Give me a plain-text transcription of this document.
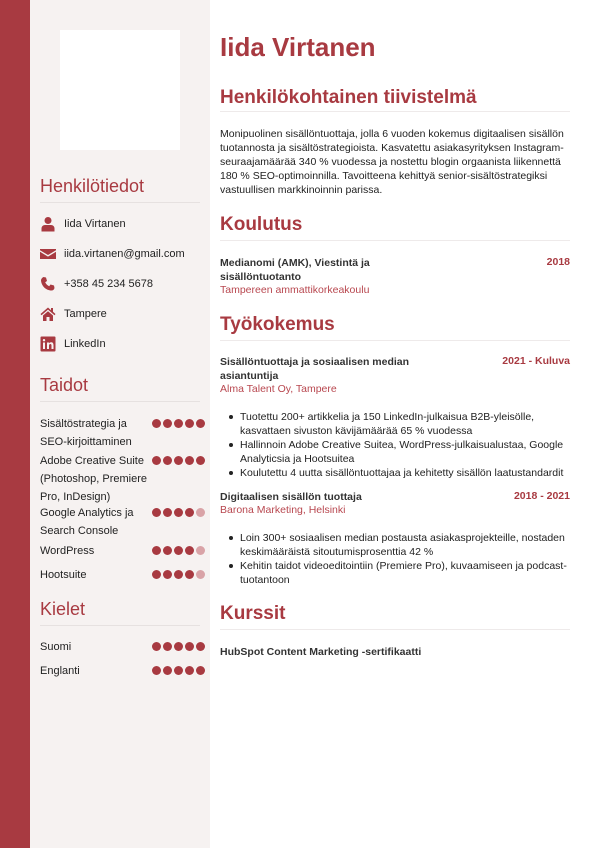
Henkilötiedot
Iida Virtanen
iida.virtanen@gmail.com
+358 45 234 5678
Tampere
LinkedIn
Taidot
Sisältöstrategia ja SEO-kirjoittaminen
Adobe Creative Suite (Photoshop, Premiere Pro, InDesign)
Google Analytics ja Search Console
WordPress
Hootsuite
Kielet
Suomi
Englanti
Iida Virtanen
Henkilökohtainen tiivistelmä

Monipuolinen sisällöntuottaja, jolla 6 vuoden kokemus digitaalisen sisällön tuotannosta ja sisältöstrategioista. Kasvatettu asiakasyrityksen Instagram-seuraajamäärää 340 % vuodessa ja nostettu blogin orgaanista liikennettä 180 % SEO-optimoinnilla. Tavoitteena kehittyä senior-sisältöstrategiksi vastuullisen markkinoinnin parissa.

Koulutus
Medianomi (AMK), Viestintä ja sisällöntuotanto
2018
Tampereen ammattikorkeakoulu
Työkokemus
Sisällöntuottaja ja sosiaalisen median asiantuntija
2021 - Kuluva
Alma Talent Oy, Tampere
Tuotettu 200+ artikkelia ja 150 LinkedIn-julkaisua B2B-yleisölle, kasvattaen sivuston kävijämäärää 65 % vuodessa
Hallinnoin Adobe Creative Suitea, WordPress-julkaisualustaa, Google Analyticsia ja Hootsuitea
Koulutettu 4 uutta sisällöntuottajaa ja kehitetty sisällön laatustandardit
Digitaalisen sisällön tuottaja	2018 - 2021
Barona Marketing, Helsinki
Loin 300+ sosiaalisen median postausta asiakasprojekteille, nostaden keskimääräistä sitoutumisprosenttia 42 %
Kehitin taidot videoeditointiin (Premiere Pro), kuvaamiseen ja podcast-tuotantoon
Kurssit
HubSpot Content Marketing -sertifikaatti
